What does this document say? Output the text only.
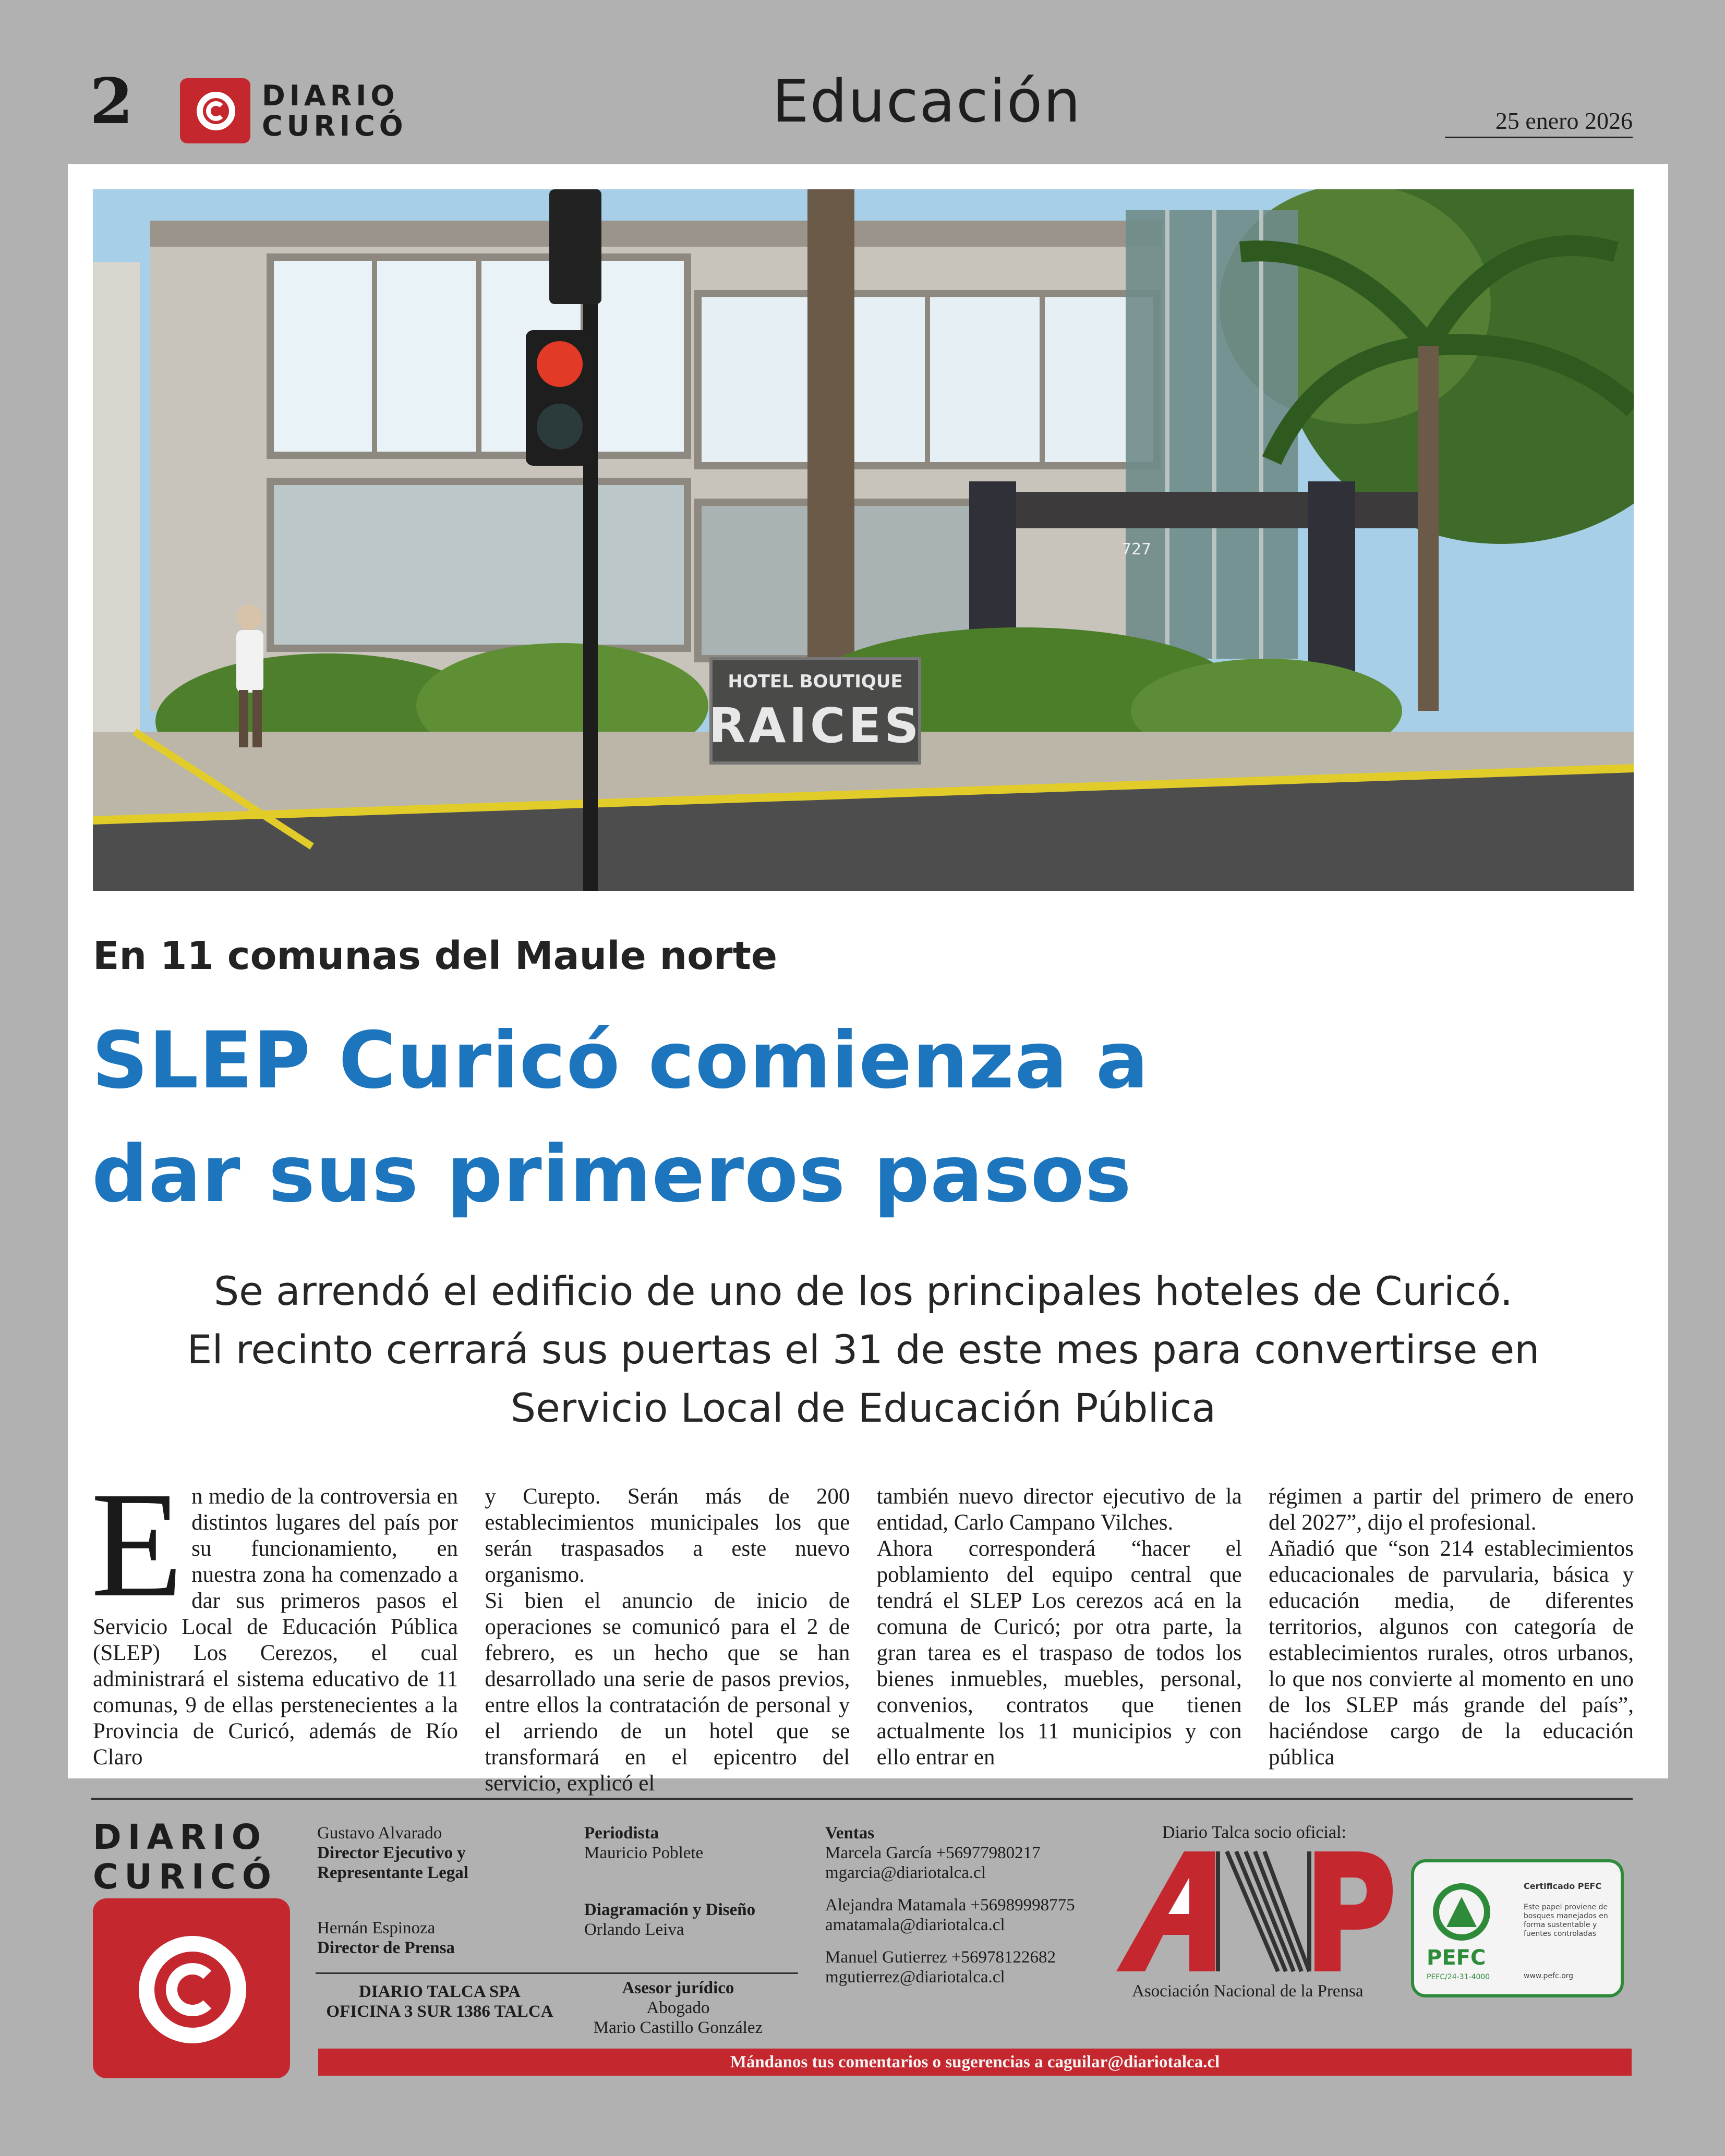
2	DIARIO
CURICÓ	Educación	25 enero 2026
727
HOTEL BOUTIQUE
RAICES
En 11 comunas del Maule norte
SLEP Curicó comienza a
dar sus primeros pasos
Se arrendó el edificio de uno de los principales hoteles de Curicó.
El recinto cerrará sus puertas el 31 de este mes para convertirse en
Servicio Local de Educación Pública
E n medio de la controversia en distintos lugares del país por su funcionamiento, en nuestra zona ha comenzado a dar sus primeros pasos el Servicio Local de Educación Pública (SLEP) Los Cerezos, el cual administrará el sistema educativo de 11 comunas, 9 de ellas perstenecientes a la Provincia de Curicó, además de Río Claro

y Curepto. Serán más de 200 establecimientos municipales los que serán traspasados a este nuevo organismo.

Si bien el anuncio de inicio de operaciones se comunicó para el 2 de febrero, es un hecho que se han desarrollado una serie de pasos previos, entre ellos la contratación de personal y el arriendo de un hotel que se transformará en el epicentro del servicio, explicó el

también nuevo director ejecutivo de la entidad, Carlo Campano Vilches.

Ahora corresponderá “hacer el poblamiento del equipo central que tendrá el SLEP Los cerezos acá en la comuna de Curicó; por otra parte, la gran tarea es el traspaso de todos los bienes inmuebles, muebles, personal, convenios, contratos que tienen actualmente los 11 municipios y con ello entrar en

régimen a partir del primero de enero del 2027”, dijo el profesional.

Añadió que “son 214 establecimientos educacionales de parvularia, básica y educación media, de diferentes territorios, algunos con categoría de establecimientos rurales, otros urbanos, lo que nos convierte al momento en uno de los SLEP más grande del país”, haciéndose cargo de la educación pública

DIARIO
CURICÓ
Gustavo Alvarado
Director Ejecutivo y
Representante Legal
Hernán Espinoza
Director de Prensa
DIARIO TALCA SPA
OFICINA 3 SUR 1386 TALCA
Periodista
Mauricio Poblete
Diagramación y Diseño
Orlando Leiva
Asesor jurídico
Abogado
Mario Castillo González
Ventas
Marcela García +56977980217
mgarcia@diariotalca.cl
Alejandra Matamala +56989998775
amatamala@diariotalca.cl
Manuel Gutierrez +56978122682
mgutierrez@diariotalca.cl
Diario Talca socio oficial:
Asociación Nacional de la Prensa
PEFC
PEFC/24-31-4000
Certificado PEFC
Este papel proviene de bosques manejados en forma sustentable y fuentes controladas
www.pefc.org
Mándanos tus comentarios o sugerencias a caguilar@diariotalca.cl
